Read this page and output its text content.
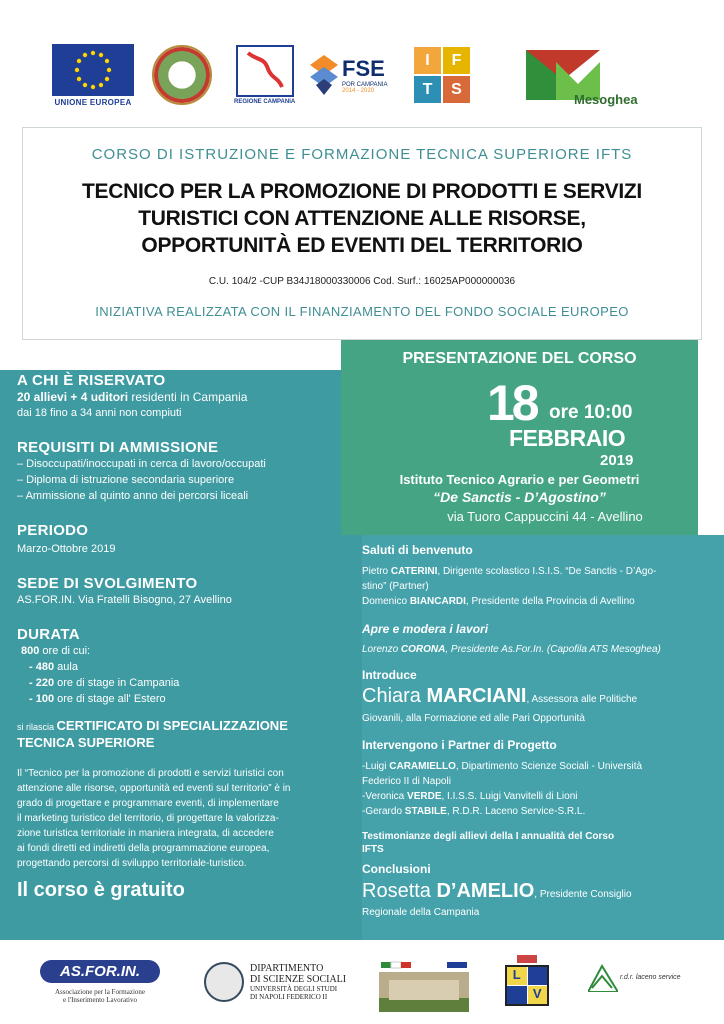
UNIONE EUROPEA	REGIONE CAMPANIA
FSE
POR CAMPANIA
2014 - 2020
I	F
T	S
Mesoghea
CORSO DI ISTRUZIONE E FORMAZIONE TECNICA SUPERIORE IFTS
TECNICO PER LA PROMOZIONE DI PRODOTTI E SERVIZI
TURISTICI CON ATTENZIONE ALLE RISORSE,
OPPORTUNITÀ ED EVENTI DEL TERRITORIO
C.U. 104/2 -CUP B34J18000330006 Cod. Surf.: 16025AP000000036
INIZIATIVA REALIZZATA CON IL FINANZIAMENTO DEL FONDO SOCIALE EUROPEO
A CHI È RISERVATO
20 allievi + 4 uditori residenti in Campania
dai 18 fino a 34 anni non compiuti
REQUISITI DI AMMISSIONE
– Disoccupati/inoccupati in cerca di lavoro/occupati
– Diploma di istruzione secondaria superiore
– Ammissione al quinto anno dei percorsi liceali
PERIODO
Marzo-Ottobre 2019
SEDE DI SVOLGIMENTO
AS.FOR.IN. Via Fratelli Bisogno, 27 Avellino
DURATA
800 ore di cui:
- 480 aula
- 220 ore di stage in Campania
- 100 ore di stage all' Estero
si rilascia CERTIFICATO DI SPECIALIZZAZIONE
TECNICA SUPERIORE
Il “Tecnico per la promozione di prodotti e servizi turistici con
attenzione alle risorse, opportunità ed eventi sul territorio” è in
grado di progettare e programmare eventi, di implementare
il marketing turistico del territorio, di progettare la valorizza-
zione turistica territoriale in maniera integrata, di accedere
ai fondi diretti ed indiretti della programmazione europea,
progettando percorsi di sviluppo territoriale-turistico.
Il corso è gratuito
PRESENTAZIONE DEL CORSO
18 ore 10:00
FEBBRAIO
2019
Istituto Tecnico Agrario e per Geometri
“De Sanctis - D’Agostino”
via Tuoro Cappuccini 44 - Avellino
Saluti di benvenuto
Pietro CATERINI, Dirigente scolastico I.S.I.S. “De Sanctis - D’Ago-
stino” (Partner)
Domenico BIANCARDI, Presidente della Provincia di Avellino
Apre e modera i lavori
Lorenzo CORONA, Presidente As.For.In. (Capofila ATS Mesoghea)
Introduce
Chiara MARCIANI, Assessora alle Politiche
Giovanili, alla Formazione ed alle Pari Opportunità
Intervengono i Partner di Progetto
-Luigi CARAMIELLO, Dipartimento Scienze Sociali - Università
Federico II di Napoli
-Veronica VERDE, I.I.S.S. Luigi Vanvitelli di Lioni
-Gerardo STABILE, R.D.R. Laceno Service-S.R.L.
Testimonianze degli allievi della I annualità del Corso
IFTS
Conclusioni
Rosetta D’AMELIO, Presidente Consiglio
Regionale della Campania
AS.FOR.IN.
Associazione per la Formazione
e l'Inserimento Lavorativo
DIPARTIMENTO
DI SCIENZE SOCIALI
UNIVERSITÀ DEGLI STUDI
DI NAPOLI FEDERICO II
L
V
r.d.r. laceno service
